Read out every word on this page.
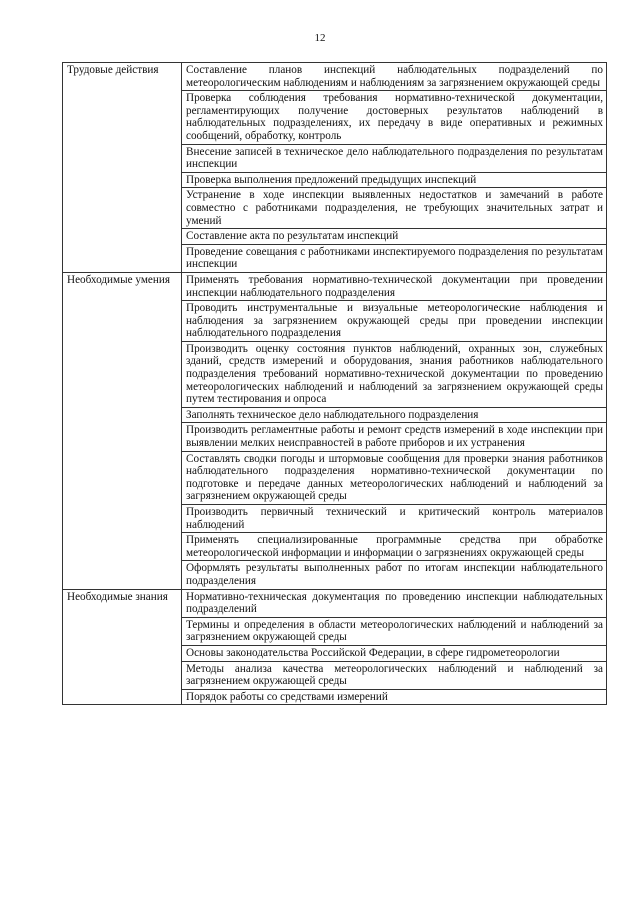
12
Трудовые действия	Составление планов инспекций наблюдательных подразделений по метеорологическим наблюдениям и наблюдениям за загрязнением окружающей среды
	Проверка соблюдения требования нормативно-технической документации, регламентирующих получение достоверных результатов наблюдений в наблюдательных подразделениях, их передачу в виде оперативных и режимных сообщений, обработку, контроль
	Внесение записей в техническое дело наблюдательного подразделения по результатам инспекции
	Проверка выполнения предложений предыдущих инспекций
	Устранение в ходе инспекции выявленных недостатков и замечаний в работе совместно с работниками подразделения, не требующих значительных затрат и умений
	Составление акта по результатам инспекций
	Проведение совещания с работниками инспектируемого подразделения по результатам инспекции
Необходимые умения	Применять требования нормативно-технической документации при проведении инспекции наблюдательного подразделения
	Проводить инструментальные и визуальные метеорологические наблюдения и наблюдения за загрязнением окружающей среды при проведении инспекции наблюдательного подразделения
	Производить оценку состояния пунктов наблюдений, охранных зон, служебных зданий, средств измерений и оборудования, знания работников наблюдательного подразделения требований нормативно-технической документации по проведению метеорологических наблюдений и наблюдений за загрязнением окружающей среды путем тестирования и опроса
	Заполнять техническое дело наблюдательного подразделения
	Производить регламентные работы и ремонт средств измерений в ходе инспекции при выявлении мелких неисправностей в работе приборов и их устранения
	Составлять сводки погоды и штормовые сообщения для проверки знания работников наблюдательного подразделения нормативно-технической документации по подготовке и передаче данных метеорологических наблюдений и наблюдений за загрязнением окружающей среды
	Производить первичный технический и критический контроль материалов наблюдений
	Применять специализированные программные средства при обработке метеорологической информации и информации о загрязнениях окружающей среды
	Оформлять результаты выполненных работ по итогам инспекции наблюдательного подразделения
Необходимые знания	Нормативно-техническая документация по проведению инспекции наблюдательных подразделений
	Термины и определения в области метеорологических наблюдений и наблюдений за загрязнением окружающей среды
	Основы законодательства Российской Федерации, в сфере гидрометеорологии
	Методы анализа качества метеорологических наблюдений и наблюдений за загрязнением окружающей среды
	Порядок работы со средствами измерений
